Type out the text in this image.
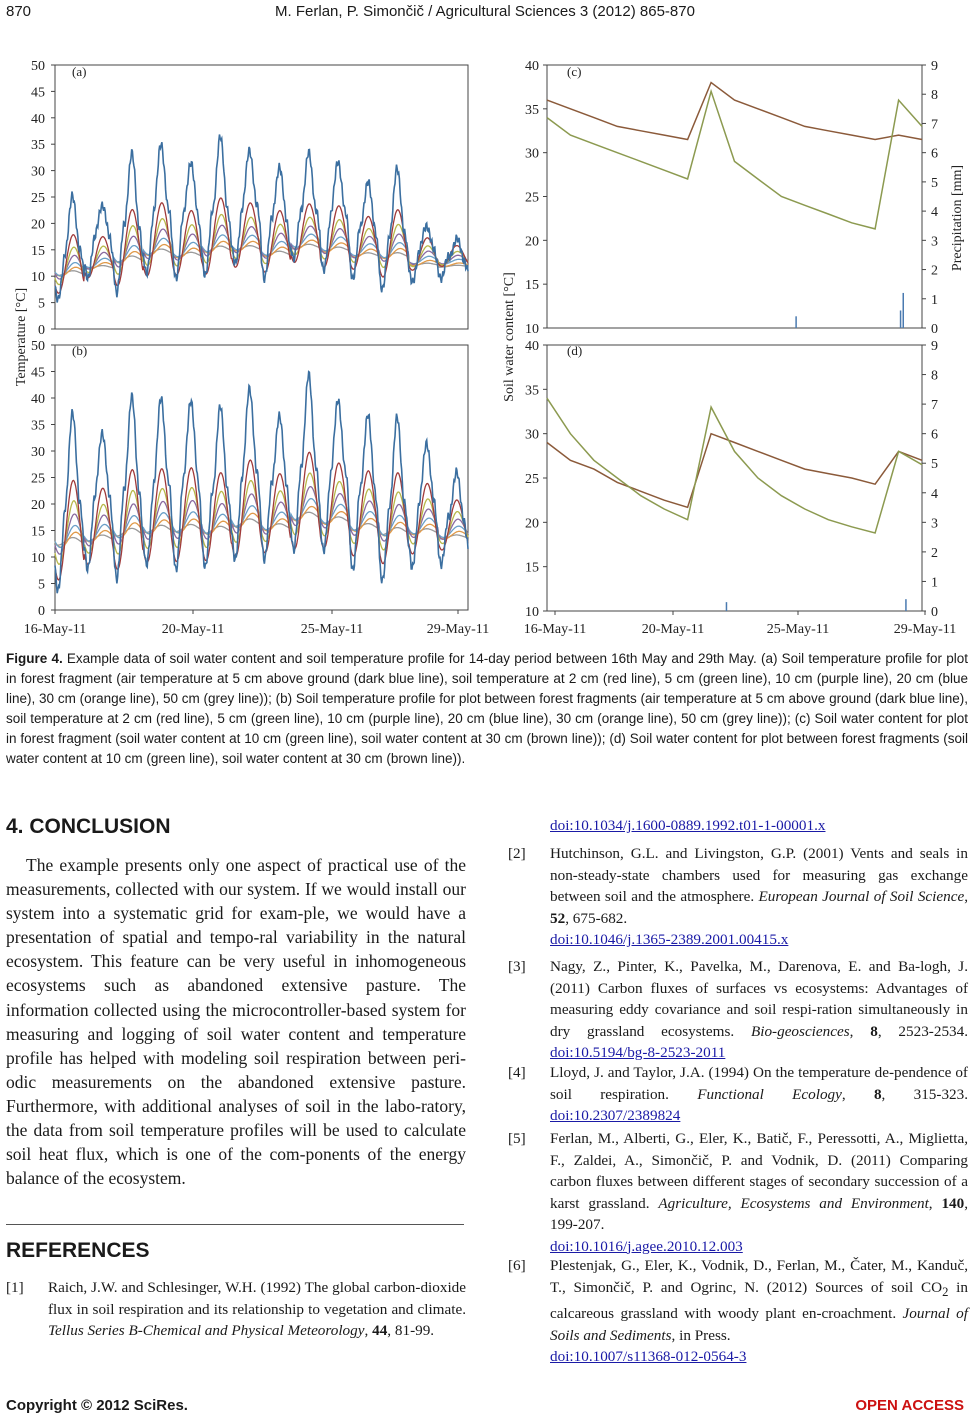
870	M. Ferlan, P. Simončič / Agricultural Sciences 3 (2012) 865-870
0
5
10
15
20
25
30
35
40
45
50
0
5
10
15
20
25
30
35
40
45
50
10
15
20
25
30
35
40
0
1
2
3
4
5
6
7
8
9
10
15
20
25
30
35
40
0
1
2
3
4
5
6
7
8
9
(a)
(b)
(c)
(d)
16-May-11	16-May-11
20-May-11	20-May-11
25-May-11	25-May-11
29-May-11	29-May-11
Temperature [°C]	Soil water content [°C]
Precipitation [mm]
Figure 4. Example data of soil water content and soil temperature profile for 14-day period between 16th May and 29th May. (a) Soil temperature profile for plot in forest fragment (air temperature at 5 cm above ground (dark blue line), soil temperature at 2 cm (red line), 5 cm (green line), 10 cm (purple line), 20 cm (blue line), 30 cm (orange line), 50 cm (grey line)); (b) Soil temperature profile for plot between forest fragments (air temperature at 5 cm above ground (dark blue line), soil temperature at 2 cm (red line), 5 cm (green line), 10 cm (purple line), 20 cm (blue line), 30 cm (orange line), 50 cm (grey line)); (c) Soil water content for plot in forest fragment (soil water content at 10 cm (green line), soil water content at 30 cm (brown line)); (d) Soil water content for plot between forest fragments (soil water content at 10 cm (green line), soil water content at 30 cm (brown line)).
4. CONCLUSION
The example presents only one aspect of practical use of the measurements, collected with our system. If we would install our system into a systematic grid for exam-ple, we would have a presentation of spatial and tempo-ral variability in the natural ecosystem. This feature can be very useful in inhomogeneous ecosystems such as abandoned extensive pasture. The information collected using the microcontroller-based system for measuring and logging of soil water content and temperature profile has helped with modeling soil respiration between peri-odic measurements on the abandoned extensive pasture. Furthermore, with additional analyses of soil in the labo-ratory, the data from soil temperature profiles will be used to calculate soil heat flux, which is one of the com-ponents of the energy balance of the ecosystem.
REFERENCES
[1] Raich, J.W. and Schlesinger, W.H. (1992) The global carbon-dioxide flux in soil respiration and its relationship to vegetation and climate. Tellus Series B-Chemical and Physical Meteorology, 44, 81-99.
doi:10.1034/j.1600-0889.1992.t01-1-00001.x
[2] Hutchinson, G.L. and Livingston, G.P. (2001) Vents and seals in non-steady-state chambers used for measuring gas exchange between soil and the atmosphere. European Journal of Soil Science, 52, 675-682.
doi:10.1046/j.1365-2389.2001.00415.x
[3] Nagy, Z., Pinter, K., Pavelka, M., Darenova, E. and Ba-logh, J. (2011) Carbon fluxes of surfaces vs ecosystems: Advantages of measuring eddy covariance and soil respi-ration simultaneously in dry grassland ecosystems. Bio-geosciences, 8, 2523-2534. doi:10.5194/bg-8-2523-2011
[4] Lloyd, J. and Taylor, J.A. (1994) On the temperature de-pendence of soil respiration. Functional Ecology, 8, 315-323. doi:10.2307/2389824
[5] Ferlan, M., Alberti, G., Eler, K., Batič, F., Peressotti, A., Miglietta, F., Zaldei, A., Simončič, P. and Vodnik, D. (2011) Comparing carbon fluxes between different stages of secondary succession of a karst grassland. Agriculture, Ecosystems and Environment, 140, 199-207.
doi:10.1016/j.agee.2010.12.003
[6] Plestenjak, G., Eler, K., Vodnik, D., Ferlan, M., Čater, M., Kanduč, T., Simončič, P. and Ogrinc, N. (2012) Sources of soil $CO_2$ in calcareous grassland with woody plant en-croachment. Journal of Soils and Sediments, in Press.
doi:10.1007/s11368-012-0564-3
Copyright © 2012 SciRes.	OPEN ACCESS
